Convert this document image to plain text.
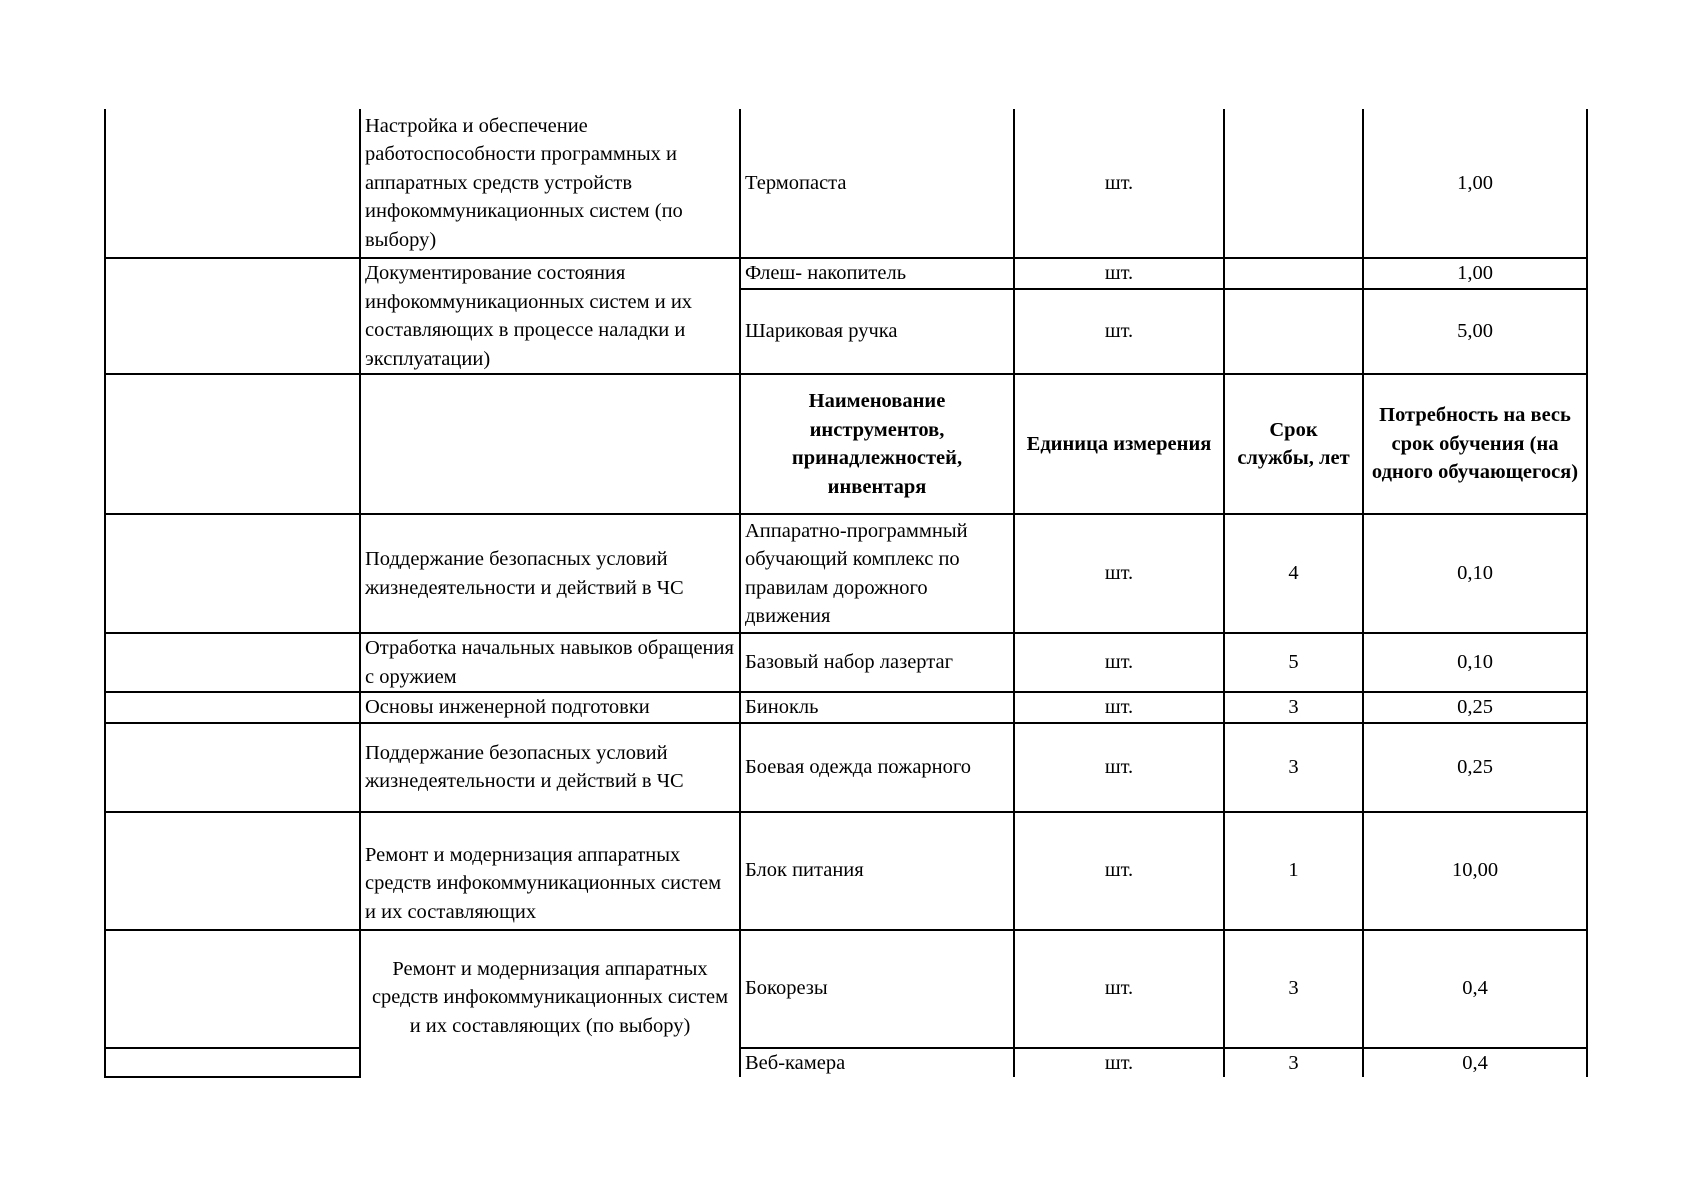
	Настройка и обеспечение работоспособности программных и аппаратных средств устройств инфокоммуникационных систем (по выбору)	Термопаста	шт.		1,00
	Документирование состояния инфокоммуникационных систем и их составляющих в процессе наладки и эксплуатации)	Флеш- накопитель	шт.		1,00
		Шариковая ручка	шт.		5,00
		Наименование инструментов, принадлежностей, инвентаря	Единица измерения	Срок службы, лет	Потребность на весь срок обучения (на одного обучающегося)
	Поддержание безопасных условий жизнедеятельности и действий в ЧС	Аппаратно-программный обучающий комплекс по правилам дорожного движения	шт.	4	0,10
	Отработка начальных навыков обращения с оружием	Базовый набор лазертаг	шт.	5	0,10
	Основы инженерной подготовки	Бинокль	шт.	3	0,25
	Поддержание безопасных условий жизнедеятельности и действий в ЧС	Боевая одежда пожарного	шт.	3	0,25
	Ремонт и модернизация аппаратных средств инфокоммуникационных систем и их составляющих	Блок питания	шт.	1	10,00
	Ремонт и модернизация аппаратных средств инфокоммуникационных систем и их составляющих (по выбору)	Бокорезы	шт.	3	0,4
		Веб-камера	шт.	3	0,4
